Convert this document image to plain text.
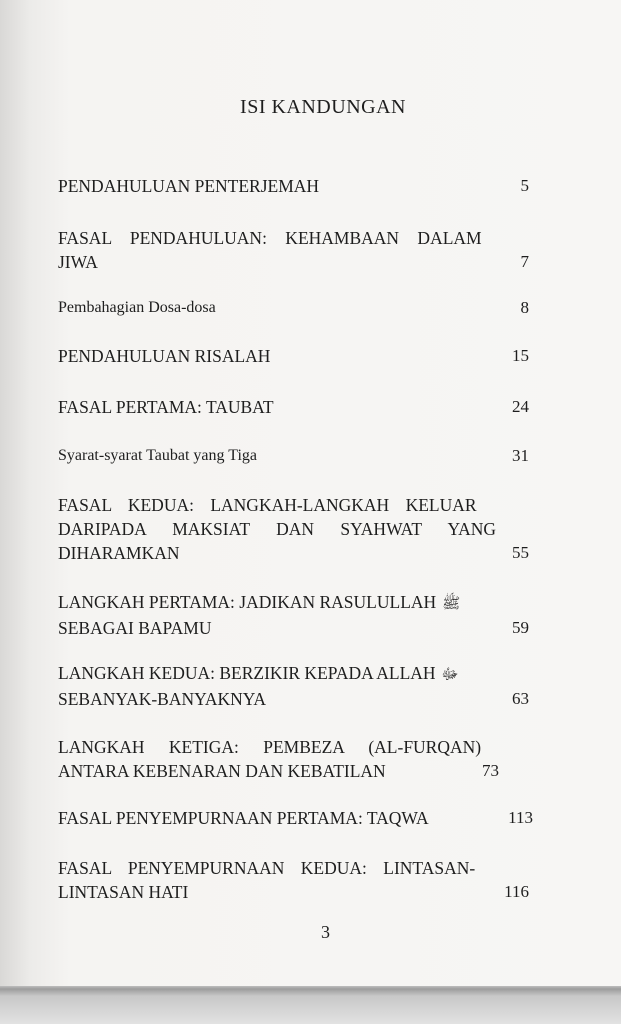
ISI KANDUNGAN
PENDAHULUAN PENTERJEMAH	5
FASAL PENDAHULUAN: KEHAMBAAN DALAM
JIWA	7
Pembahagian Dosa-dosa	8
PENDAHULUAN RISALAH	15
FASAL PERTAMA: TAUBAT	24
Syarat-syarat Taubat yang Tiga	31
FASAL KEDUA: LANGKAH-LANGKAH KELUAR
DARIPADA MAKSIAT DAN SYAHWAT YANG
DIHARAMKAN	55
LANGKAH PERTAMA: JADIKAN RASULULLAH ﷺ
SEBAGAI BAPAMU	59
LANGKAH KEDUA: BERZIKIR KEPADA ALLAH ﷻ
SEBANYAK-BANYAKNYA	63
LANGKAH KETIGA: PEMBEZA (AL-FURQAN)
ANTARA KEBENARAN DAN KEBATILAN	73
FASAL PENYEMPURNAAN PERTAMA: TAQWA	113
FASAL PENYEMPURNAAN KEDUA: LINTASAN-
LINTASAN HATI	116
3
